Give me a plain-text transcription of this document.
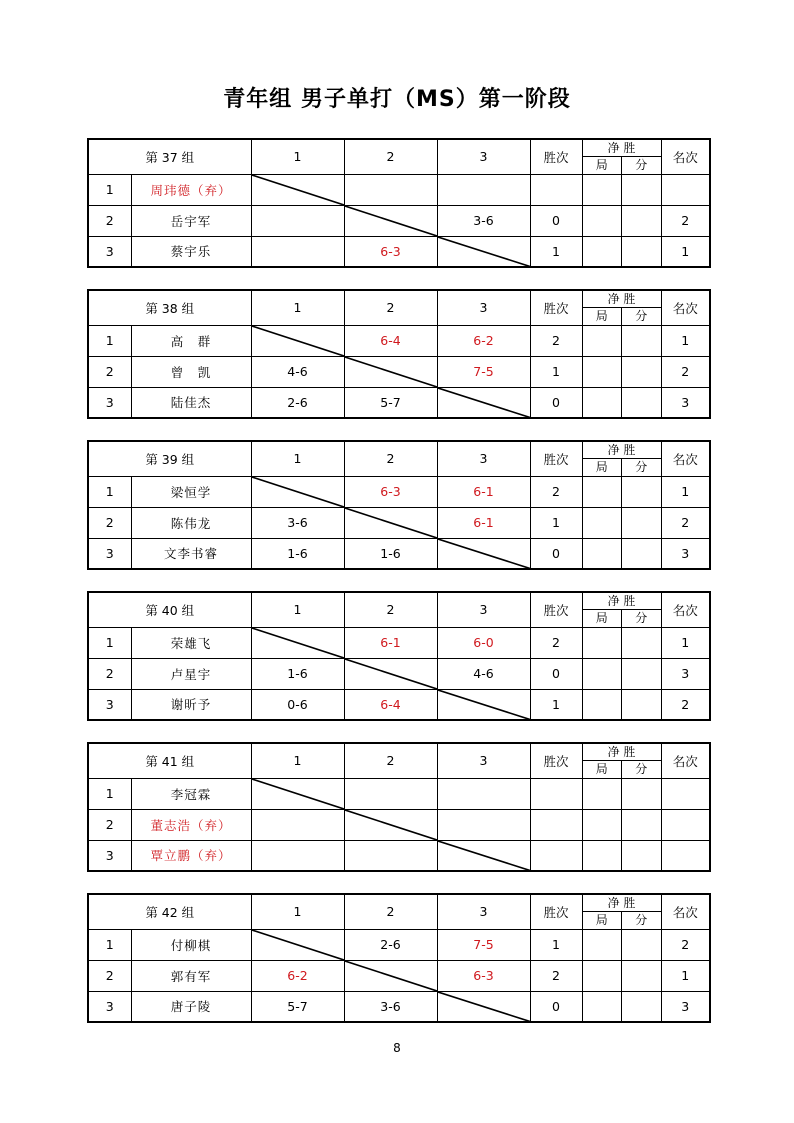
青年组 男子单打（MS）第一阶段
第 37 组	1	2	3	胜次	
净 胜
局	分
	名次
1	周玮德（弃）	

2	岳宇军			3-6	0			2
3	蔡宇乐		6-3		1			1
第 38 组	1	2	3	胜次	
净 胜
局	分
	名次
1	高　群		6-4	6-2	2			1
2	曾　凯	4-6		7-5	1			2
3	陆佳杰	2-6	5-7		0			3
第 39 组	1	2	3	胜次	
净 胜
局	分
	名次
1	梁恒学		6-3	6-1	2			1
2	陈伟龙	3-6		6-1	1			2
3	文李书睿	1-6	1-6		0			3
第 40 组	1	2	3	胜次	
净 胜
局	分
	名次
1	荣雄飞		6-1	6-0	2			1
2	卢星宇	1-6		4-6	0			3
3	谢昕予	0-6	6-4		1			2
第 41 组	1	2	3	胜次	
净 胜
局	分
	名次
1	李冠霖	

2	董志浩（弃）		

3	覃立鹏（弃）			

第 42 组	1	2	3	胜次	
净 胜
局	分
	名次
1	付柳棋		2-6	7-5	1			2
2	郭有军	6-2		6-3	2			1
3	唐子陵	5-7	3-6		0			3
8
